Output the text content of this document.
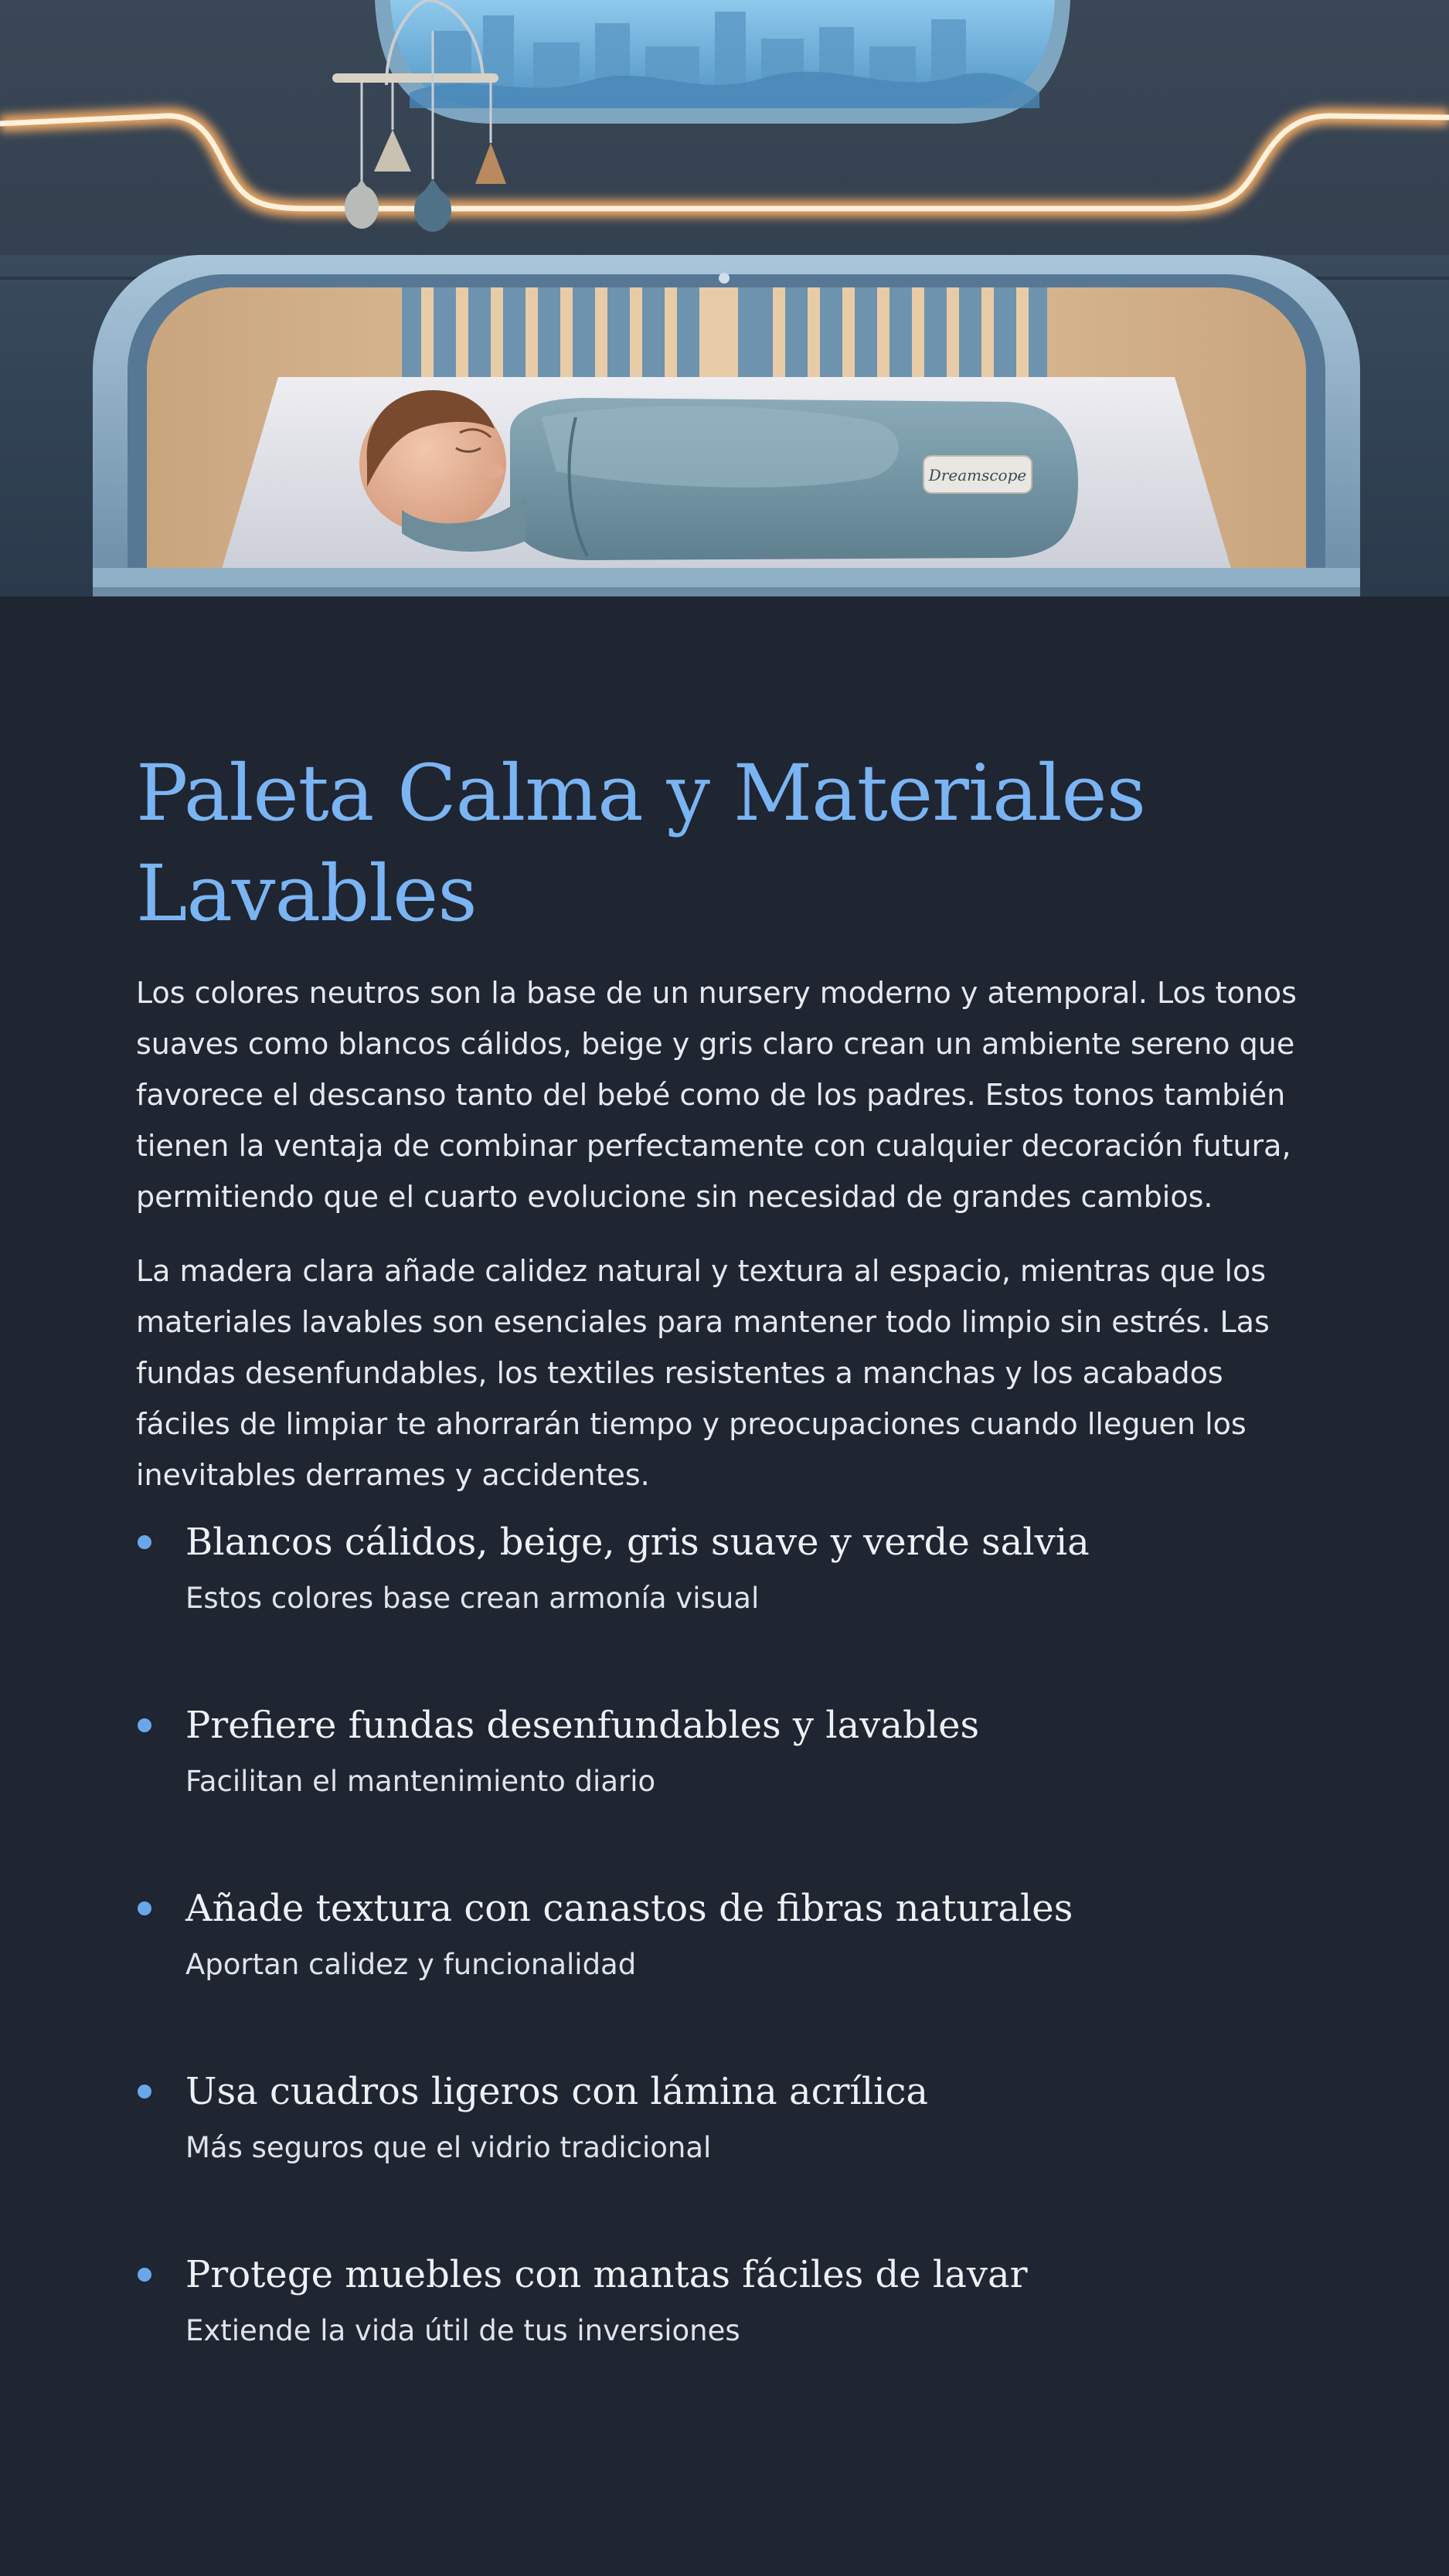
Dreamscope
Paleta Calma y Materiales Lavables

Los colores neutros son la base de un nursery moderno y atemporal. Los tonos suaves como blancos cálidos, beige y gris claro crean un ambiente sereno que favorece el descanso tanto del bebé como de los padres. Estos tonos también tienen la ventaja de combinar perfectamente con cualquier decoración futura, permitiendo que el cuarto evolucione sin necesidad de grandes cambios.

La madera clara añade calidez natural y textura al espacio, mientras que los materiales lavables son esenciales para mantener todo limpio sin estrés. Las fundas desenfundables, los textiles resistentes a manchas y los acabados fáciles de limpiar te ahorrarán tiempo y preocupaciones cuando lleguen los inevitables derrames y accidentes.

Blancos cálidos, beige, gris suave y verde salvia

Estos colores base crean armonía visual

Prefiere fundas desenfundables y lavables

Facilitan el mantenimiento diario

Añade textura con canastos de fibras naturales

Aportan calidez y funcionalidad

Usa cuadros ligeros con lámina acrílica

Más seguros que el vidrio tradicional

Protege muebles con mantas fáciles de lavar

Extiende la vida útil de tus inversiones
